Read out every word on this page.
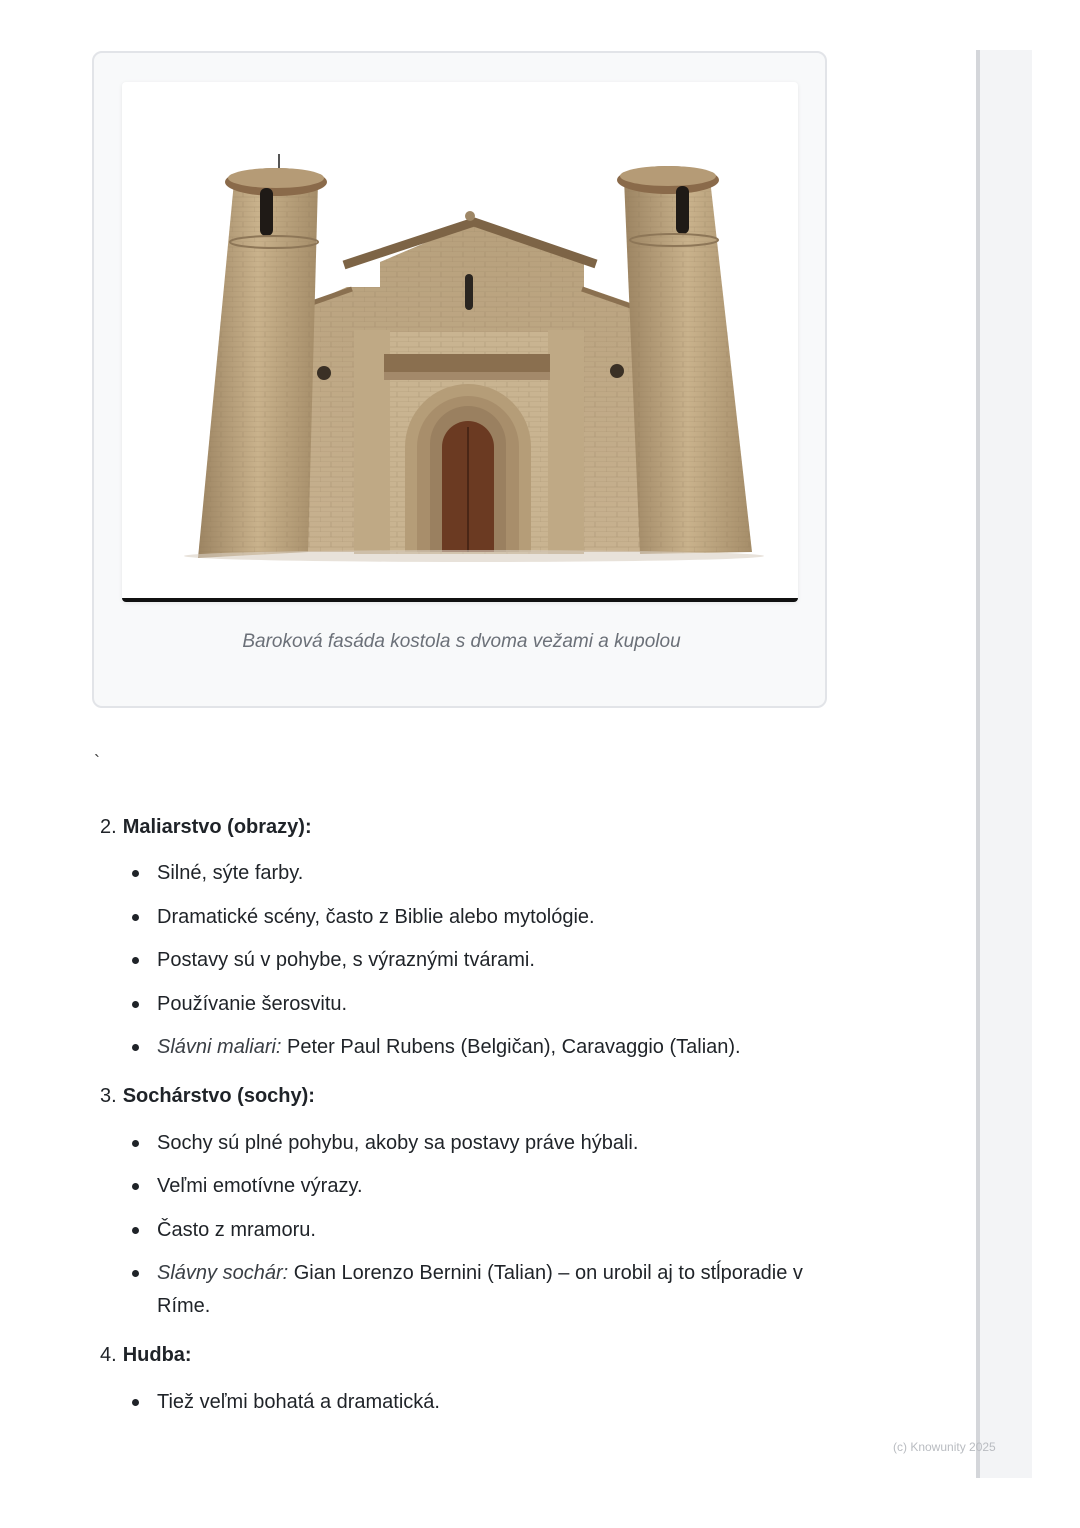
Baroková fasáda kostola s dvoma vežami a kupolou
`
2. Maliarstvo (obrazy):
Silné, sýte farby.
Dramatické scény, často z Biblie alebo mytológie.
Postavy sú v pohybe, s výraznými tvárami.
Používanie šerosvitu.
Slávni maliari: Peter Paul Rubens (Belgičan), Caravaggio (Talian).
3. Sochárstvo (sochy):
Sochy sú plné pohybu, akoby sa postavy práve hýbali.
Veľmi emotívne výrazy.
Často z mramoru.
Slávny sochár: Gian Lorenzo Bernini (Talian) – on urobil aj to stĺporadie v Ríme.
4. Hudba:
Tiež veľmi bohatá a dramatická.
(c) Knowunity 2025
